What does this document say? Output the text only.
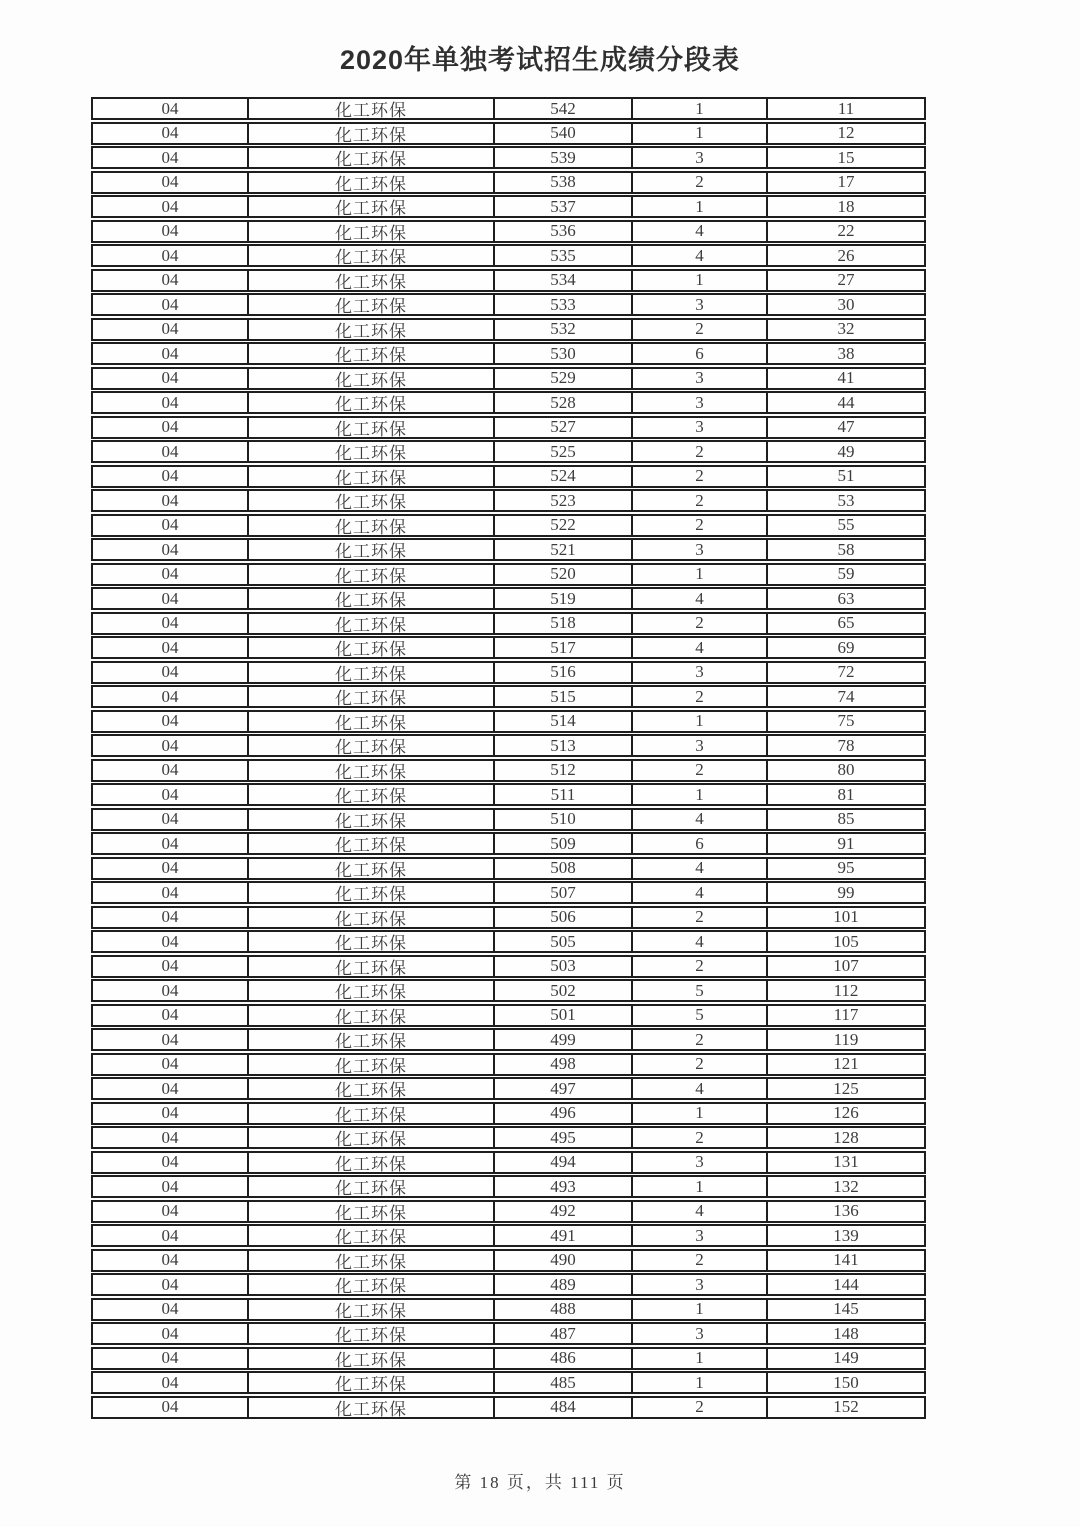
2020年单独考试招生成绩分段表
04	化工环保	542	1	11
04	化工环保	540	1	12
04	化工环保	539	3	15
04	化工环保	538	2	17
04	化工环保	537	1	18
04	化工环保	536	4	22
04	化工环保	535	4	26
04	化工环保	534	1	27
04	化工环保	533	3	30
04	化工环保	532	2	32
04	化工环保	530	6	38
04	化工环保	529	3	41
04	化工环保	528	3	44
04	化工环保	527	3	47
04	化工环保	525	2	49
04	化工环保	524	2	51
04	化工环保	523	2	53
04	化工环保	522	2	55
04	化工环保	521	3	58
04	化工环保	520	1	59
04	化工环保	519	4	63
04	化工环保	518	2	65
04	化工环保	517	4	69
04	化工环保	516	3	72
04	化工环保	515	2	74
04	化工环保	514	1	75
04	化工环保	513	3	78
04	化工环保	512	2	80
04	化工环保	511	1	81
04	化工环保	510	4	85
04	化工环保	509	6	91
04	化工环保	508	4	95
04	化工环保	507	4	99
04	化工环保	506	2	101
04	化工环保	505	4	105
04	化工环保	503	2	107
04	化工环保	502	5	112
04	化工环保	501	5	117
04	化工环保	499	2	119
04	化工环保	498	2	121
04	化工环保	497	4	125
04	化工环保	496	1	126
04	化工环保	495	2	128
04	化工环保	494	3	131
04	化工环保	493	1	132
04	化工环保	492	4	136
04	化工环保	491	3	139
04	化工环保	490	2	141
04	化工环保	489	3	144
04	化工环保	488	1	145
04	化工环保	487	3	148
04	化工环保	486	1	149
04	化工环保	485	1	150
04	化工环保	484	2	152
第 18 页，共 111 页
